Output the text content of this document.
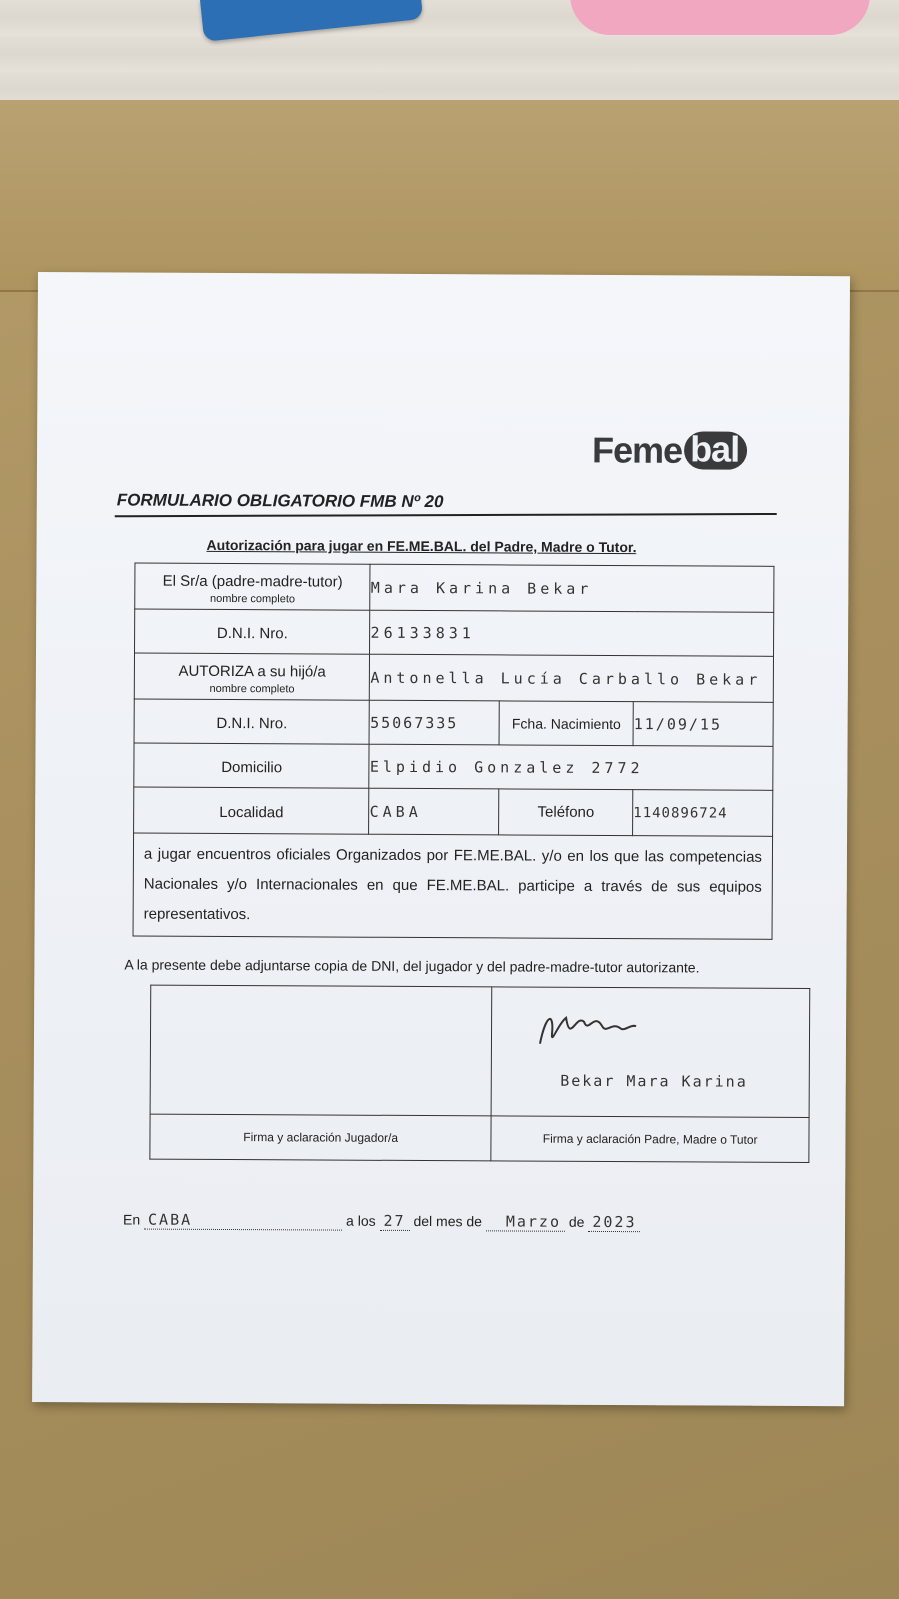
Feme bal
FORMULARIO OBLIGATORIO FMB Nº 20
Autorización para jugar en FE.ME.BAL. del Padre, Madre o Tutor.
El Sr/a (padre-madre-tutor)
nombre completo	Mara Karina Bekar		

D.N.I. Nro.	26133831		

AUTORIZA a su hijó/a
nombre completo	Antonella Lucía Carballo Bekar		

D.N.I. Nro.	55067335	Fcha. Nacimiento	11/09/15

Domicilio	Elpidio Gonzalez 2772		

Localidad	CABA	Teléfono	1140896724
a jugar encuentros oficiales Organizados por FE.ME.BAL. y/o en los que las competencias Nacionales y/o Internacionales en que FE.ME.BAL. participe a través de sus equipos representativos.			
A la presente debe adjuntarse copia de DNI, del jugador y del padre-madre-tutor autorizante.

	Bekar Mara Karina

Firma y aclaración Jugador/a	Firma y aclaración Padre, Madre o Tutor
En CABA	a los 27 del mes de Marzo de 2023
